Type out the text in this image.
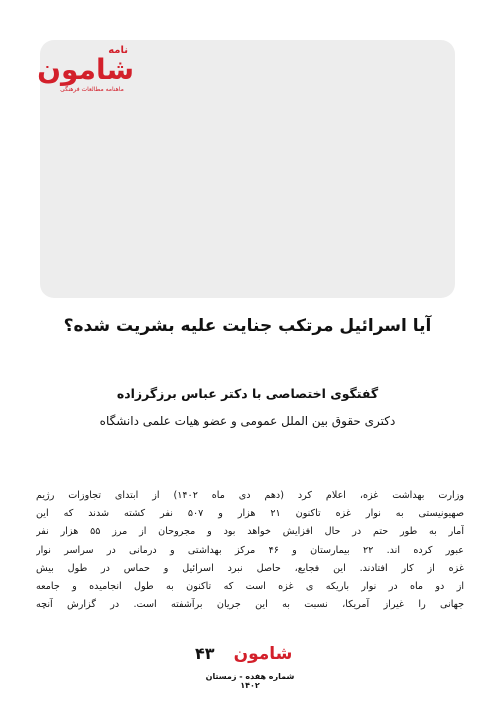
نامه
شامون
ماهنامه مطالعات فرهنگی
آیا اسرائیل مرتکب جنایت علیه بشریت شده؟
گفتگوی اختصاصی با دکتر عباس برزگرزاده
دکتری حقوق بین الملل عمومی و عضو هیات علمی دانشگاه
وزارت بهداشت غزه، اعلام کرد (دهم دی ماه ۱۴۰۲) از ابتدای تجاوزات رژیم
صهیونیستی به نوار غزه تاکنون ۲۱ هزار و ۵۰۷ نفر کشته شدند که این
آمار به طور حتم در حال افزایش خواهد بود و مجروحان از مرز ۵۵ هزار نفر
عبور کرده اند. ۲۲ بیمارستان و ۴۶ مرکز بهداشتی و درمانی در سراسر نوار
غزه از کار افتادند. این فجایع، حاصل نبرد اسرائیل و حماس در طول بیش
از دو ماه در نوار باریکه ی غزه است که تاکنون به طول انجامیده و جامعه
جهانی را غیراز آمریکا، نسبت به این جریان برآشفته است. در گزارش آنچه
۴۳	شامون
شماره هفده - زمستان ۱۴۰۲
